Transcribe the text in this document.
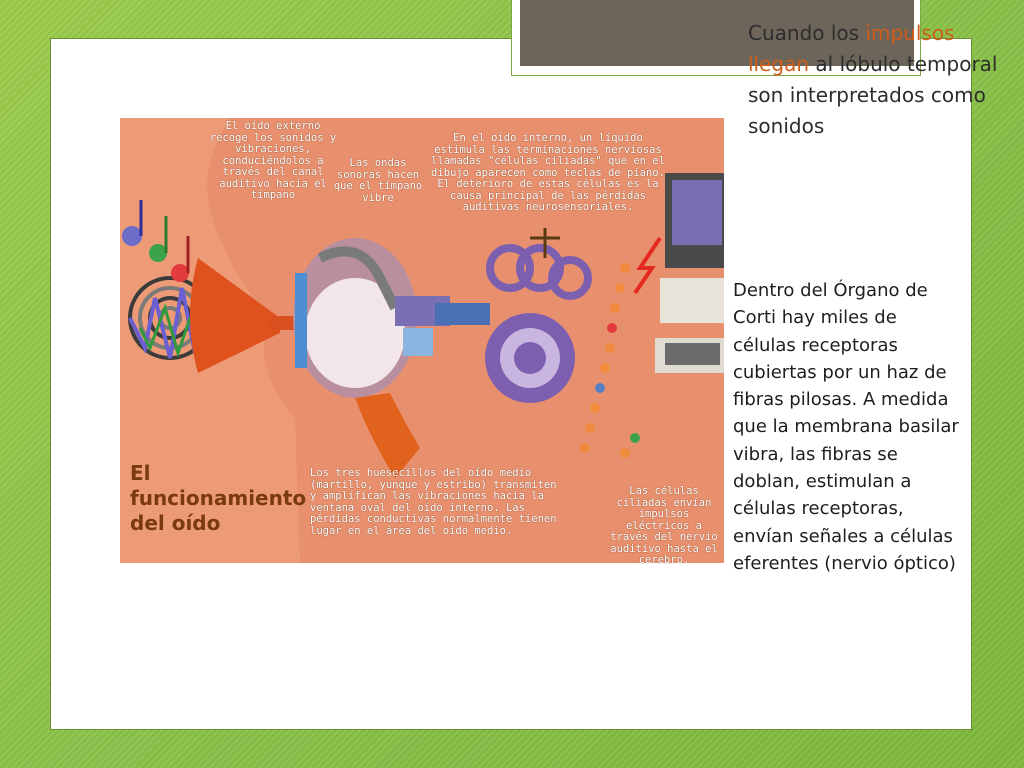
Cuando los impulsos llegan al lóbulo temporal son interpretados como sonidos
Dentro del Órgano de Corti hay miles de células receptoras cubiertas por un haz de fibras pilosas. A medida que la membrana basilar vibra, las fibras se doblan, estimulan a células receptoras, envían señales a células eferentes (nervio óptico)
El oído externo recoge los sonidos y vibraciones, conduciéndolos a través del canal auditivo hacia el tímpano
Las ondas sonoras hacen que el tímpano vibre
En el oído interno, un líquido estimula las terminaciones nerviosas llamadas "células ciliadas" que en el dibujo aparecen como teclas de piano. El deterioro de estas células es la causa principal de las pérdidas auditivas neurosensoriales.
Los tres huesecillos del oído medio (martillo, yunque y estribo) transmiten y amplifican las vibraciones hacia la ventana oval del oído interno. Las pérdidas conductivas normalmente tienen lugar en el área del oído medio.
Las células ciliadas envían impulsos eléctricos a través del nervio auditivo hasta el cerebro.
El funcionamiento del oído
